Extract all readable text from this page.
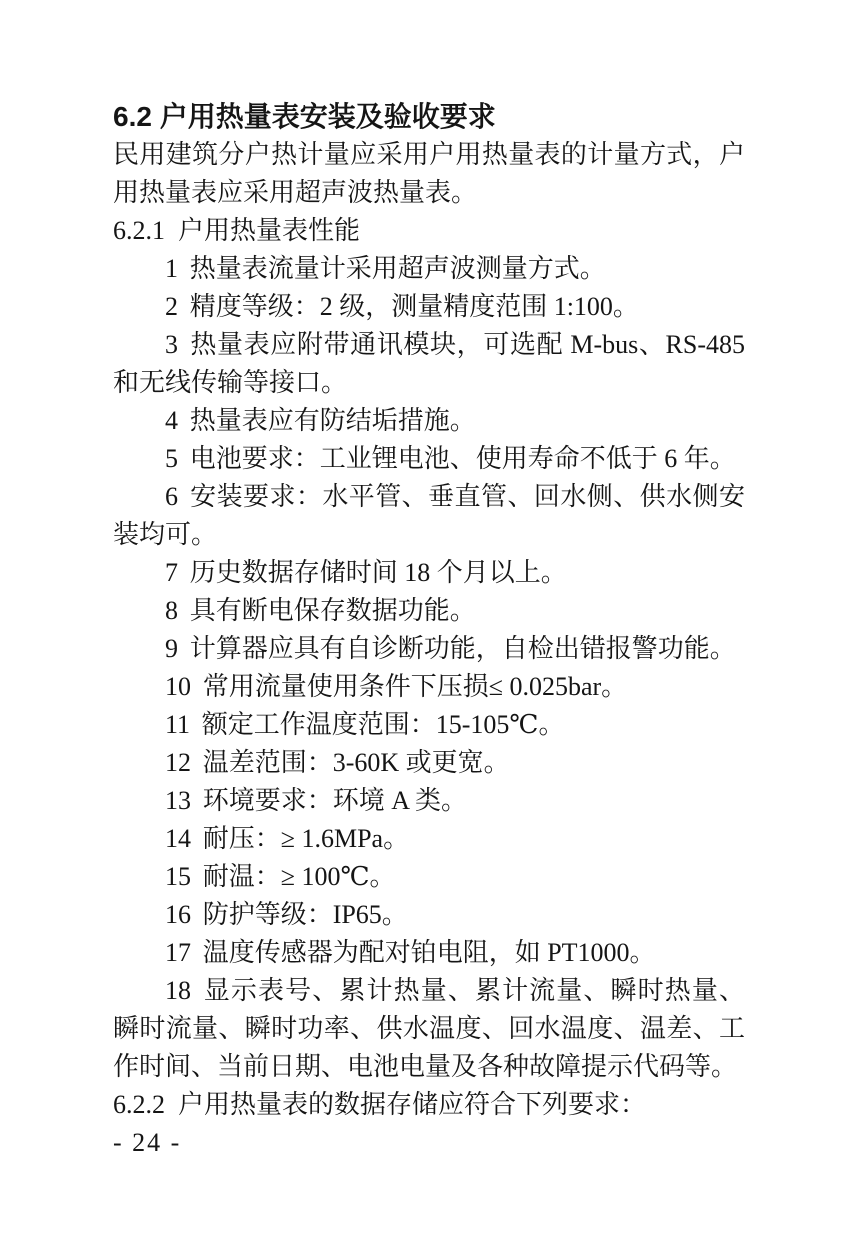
6.2 户用热量表安装及验收要求

民用建筑分户热计量应采用户用热量表的计量方式，户用热量表应采用超声波热量表。

6.2.1 户用热量表性能

1 热量表流量计采用超声波测量方式。

2 精度等级：2 级，测量精度范围 1:100。

3 热量表应附带通讯模块，可选配 M-bus、RS-485和无线传输等接口。

4 热量表应有防结垢措施。

5 电池要求：工业锂电池、使用寿命不低于 6 年。

6 安装要求：水平管、垂直管、回水侧、供水侧安装均可。

7 历史数据存储时间 18 个月以上。

8 具有断电保存数据功能。

9 计算器应具有自诊断功能，自检出错报警功能。

10 常用流量使用条件下压损≤ 0.025bar。

11 额定工作温度范围：15-105℃。

12 温差范围：3-60K 或更宽。

13 环境要求：环境 A 类。

14 耐压：≥ 1.6MPa。

15 耐温：≥ 100℃。

16 防护等级：IP65。

17 温度传感器为配对铂电阻，如 PT1000。

18 显示表号、累计热量、累计流量、瞬时热量、瞬时流量、瞬时功率、供水温度、回水温度、温差、工作时间、当前日期、电池电量及各种故障提示代码等。

6.2.2 户用热量表的数据存储应符合下列要求：

- 24 -
